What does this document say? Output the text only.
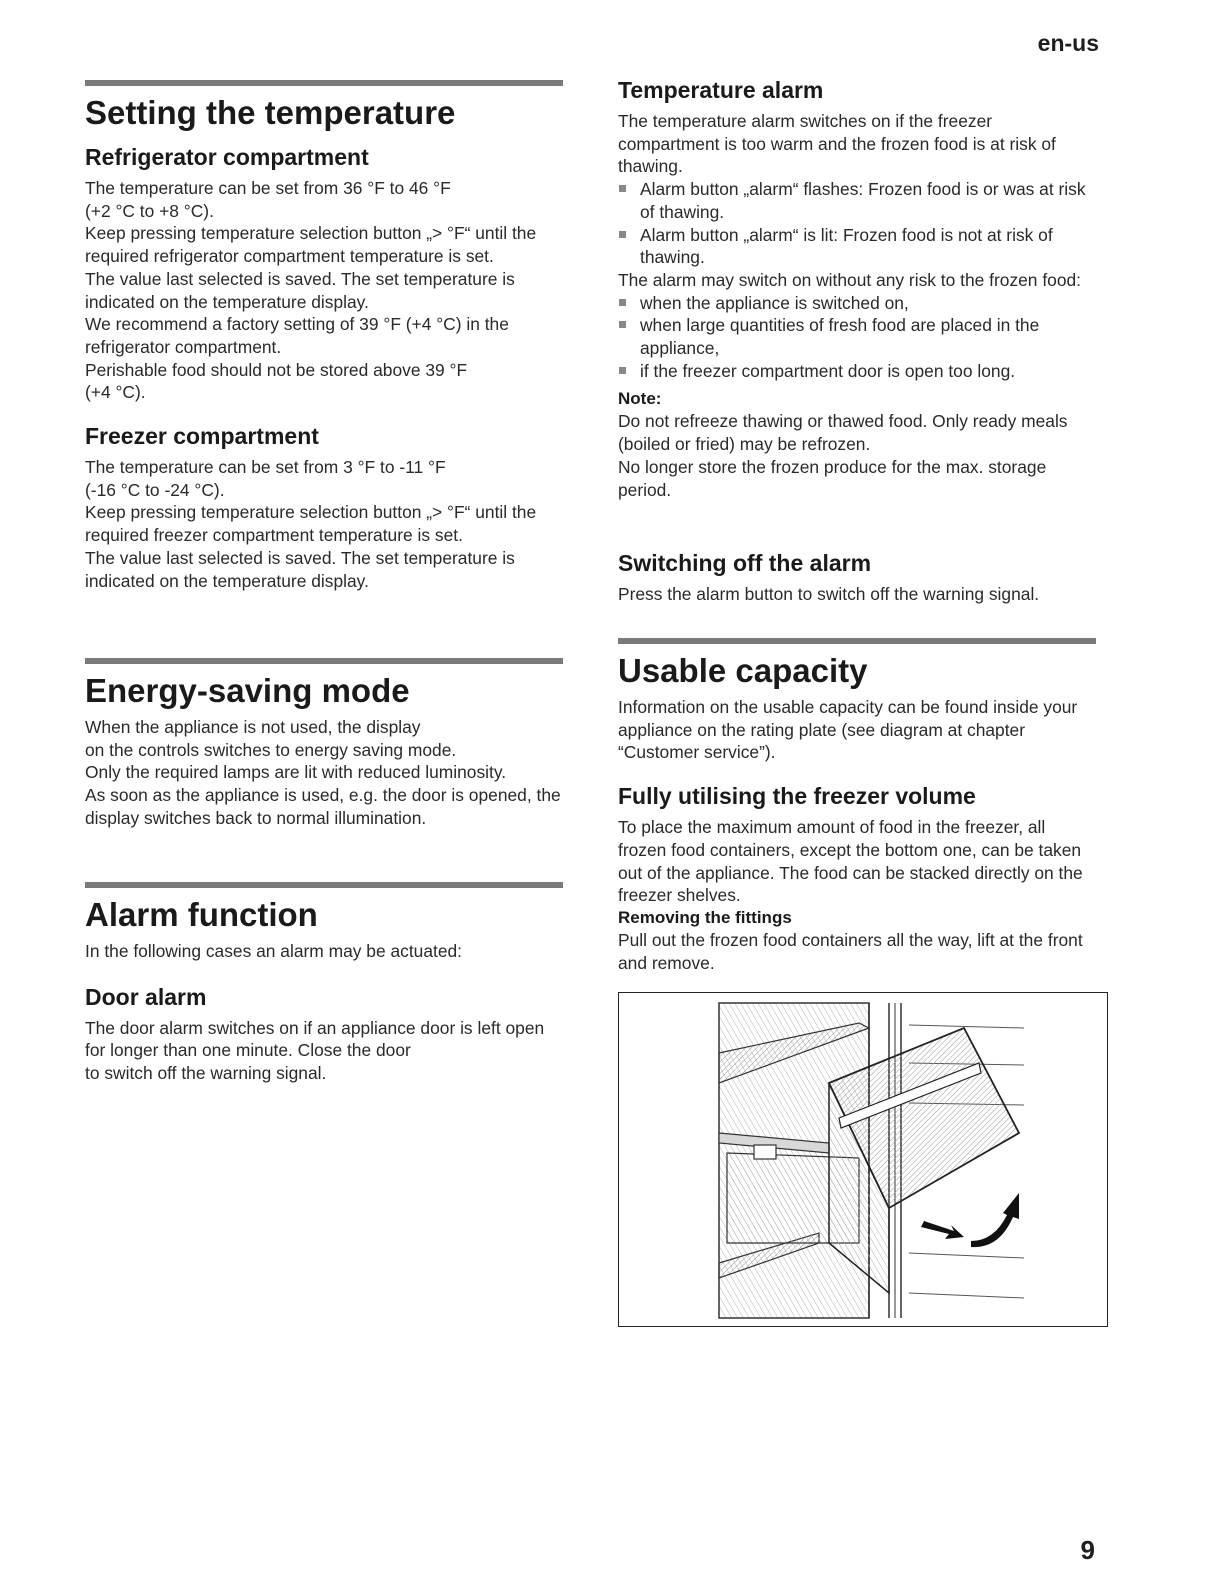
en-us
Setting the temperature
Refrigerator compartment

The temperature can be set from 36 °F to 46 °F
(+2 °C to +8 °C).

Keep pressing temperature selection button „> °F“ until the required refrigerator compartment temperature is set.

The value last selected is saved. The set temperature is indicated on the temperature display.

We recommend a factory setting of 39 °F (+4 °C) in the refrigerator compartment.

Perishable food should not be stored above 39 °F
(+4 °C).

Freezer compartment

The temperature can be set from 3 °F to -11 °F
(-16 °C to -24 °C).

Keep pressing temperature selection button „> °F“ until the required freezer compartment temperature is set.

The value last selected is saved. The set temperature is indicated on the temperature display.

Energy-saving mode

When the appliance is not used, the display
on the controls switches to energy saving mode.

Only the required lamps are lit with reduced luminosity.

As soon as the appliance is used, e.g. the door is opened, the display switches back to normal illumination.

Alarm function

In the following cases an alarm may be actuated:

Door alarm

The door alarm switches on if an appliance door is left open for longer than one minute. Close the door
to switch off the warning signal.

Temperature alarm

The temperature alarm switches on if the freezer compartment is too warm and the frozen food is at risk of thawing.

Alarm button „alarm“ flashes: Frozen food is or was at risk of thawing.
Alarm button „alarm“ is lit: Frozen food is not at risk of thawing.

The alarm may switch on without any risk to the frozen food:

when the appliance is switched on,
when large quantities of fresh food are placed in the appliance,
if the freezer compartment door is open too long.
Note:

Do not refreeze thawing or thawed food. Only ready meals (boiled or fried) may be refrozen.

No longer store the frozen produce for the max. storage period.

Switching off the alarm

Press the alarm button to switch off the warning signal.

Usable capacity

Information on the usable capacity can be found inside your appliance on the rating plate (see diagram at chapter “Customer service”).

Fully utilising the freezer volume

To place the maximum amount of food in the freezer, all frozen food containers, except the bottom one, can be taken out of the appliance. The food can be stacked directly on the freezer shelves.

Removing the fittings

Pull out the frozen food containers all the way, lift at the front and remove.

9
